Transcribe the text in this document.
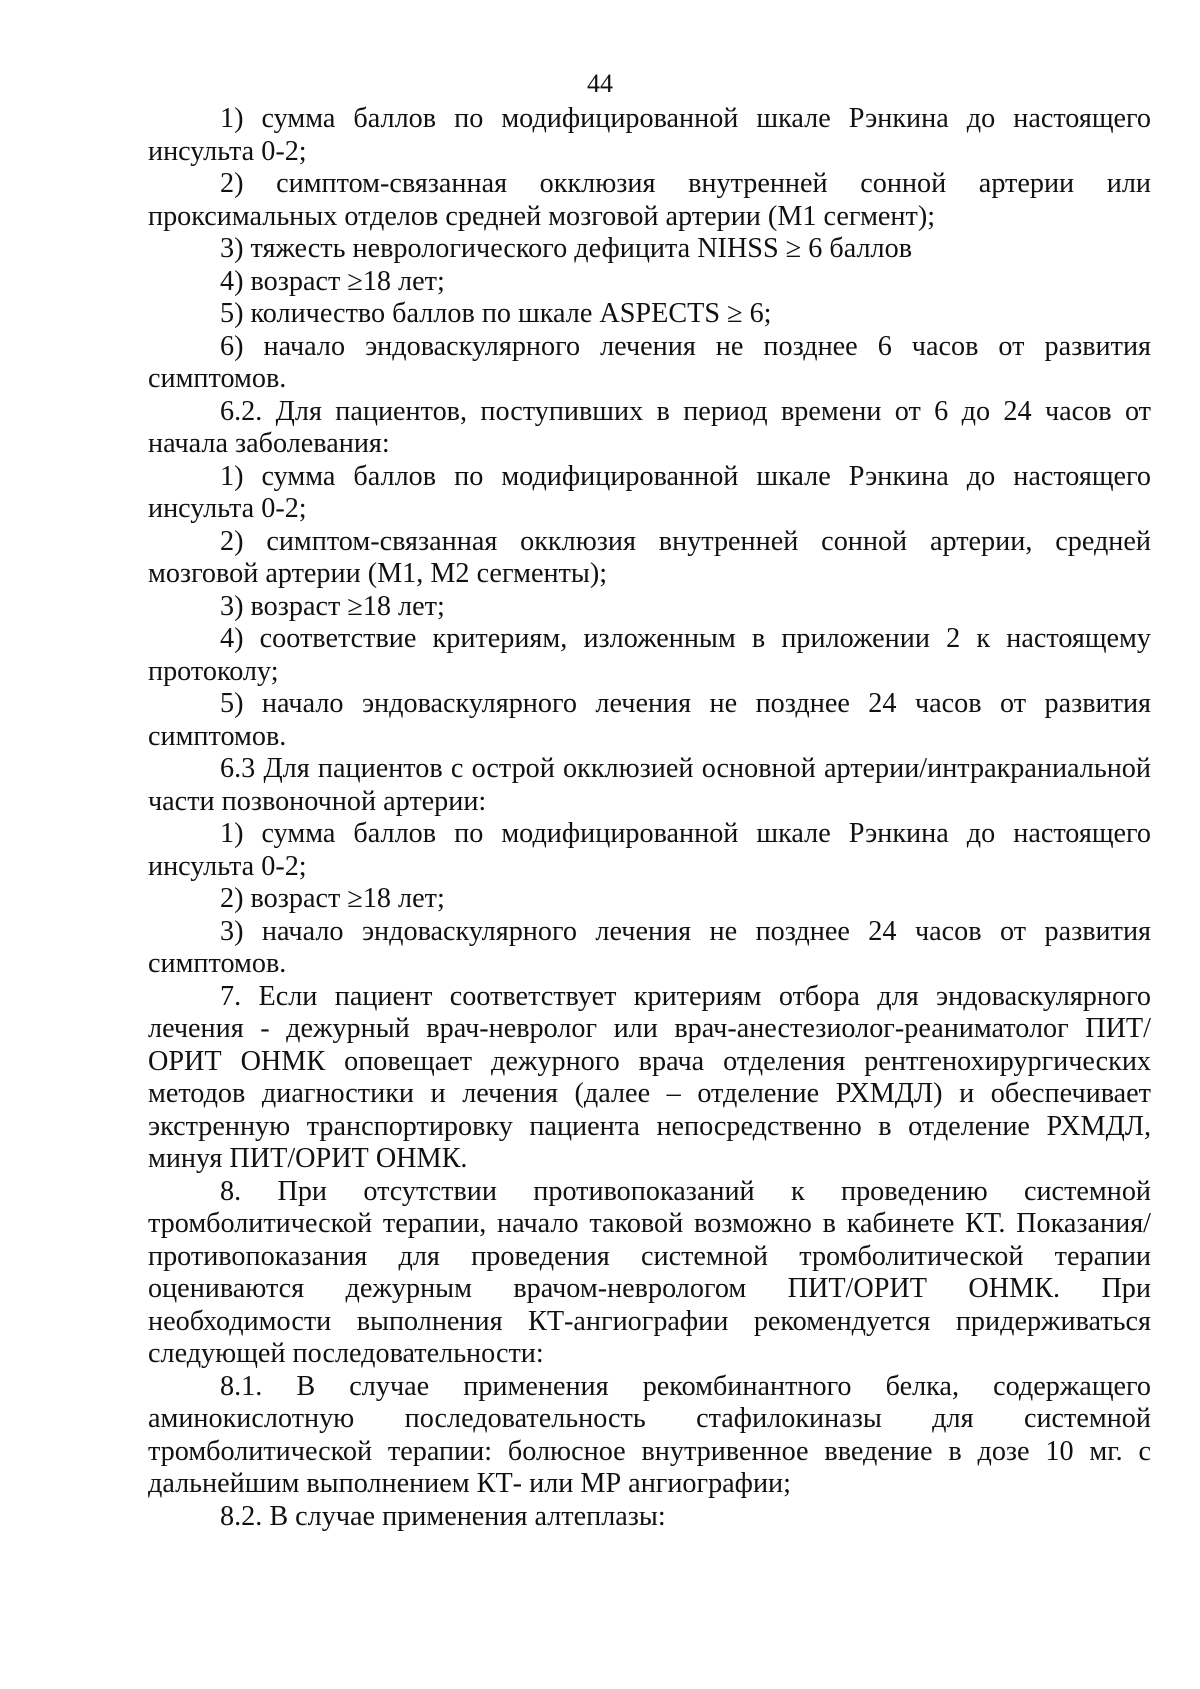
44

1) сумма баллов по модифицированной шкале Рэнкина до настоящего инсульта 0-2;

2) симптом-связанная окклюзия внутренней сонной артерии или проксимальных отделов средней мозговой артерии (М1 сегмент);

3) тяжесть неврологического дефицита NIHSS ≥ 6 баллов

4) возраст ≥18 лет;

5) количество баллов по шкале ASPECTS ≥ 6;

6) начало эндоваскулярного лечения не позднее 6 часов от развития симптомов.

6.2. Для пациентов, поступивших в период времени от 6 до 24 часов от начала заболевания:

1) сумма баллов по модифицированной шкале Рэнкина до настоящего инсульта 0-2;

2) симптом-связанная окклюзия внутренней сонной артерии, средней мозговой артерии (М1, М2 сегменты);

3) возраст ≥18 лет;

4) соответствие критериям, изложенным в приложении 2 к настоящему протоколу;

5) начало эндоваскулярного лечения не позднее 24 часов от развития симптомов.

6.3 Для пациентов с острой окклюзией основной артерии/интракраниальной части позвоночной артерии:

1) сумма баллов по модифицированной шкале Рэнкина до настоящего инсульта 0-2;

2) возраст ≥18 лет;

3) начало эндоваскулярного лечения не позднее 24 часов от развития симптомов.

7. Если пациент соответствует критериям отбора для эндоваскулярного лечения - дежурный врач-невролог или врач-анестезиолог-реаниматолог ПИТ/ОРИТ ОНМК оповещает дежурного врача отделения рентгенохирургических методов диагностики и лечения (далее – отделение РХМДЛ) и обеспечивает экстренную транспортировку пациента непосредственно в отделение РХМДЛ, минуя ПИТ/ОРИТ ОНМК.

8. При отсутствии противопоказаний к проведению системной тромболитической терапии, начало таковой возможно в кабинете КТ. Показания/противопоказания для проведения системной тромболитической терапии оцениваются дежурным врачом-неврологом ПИТ/ОРИТ ОНМК. При необходимости выполнения КТ-ангиографии рекомендуется придерживаться следующей последовательности:

8.1. В случае применения рекомбинантного белка, содержащего аминокислотную последовательность стафилокиназы для системной тромболитической терапии: болюсное внутривенное введение в дозе 10 мг. с дальнейшим выполнением КТ- или МР ангиографии;

8.2. В случае применения алтеплазы:
